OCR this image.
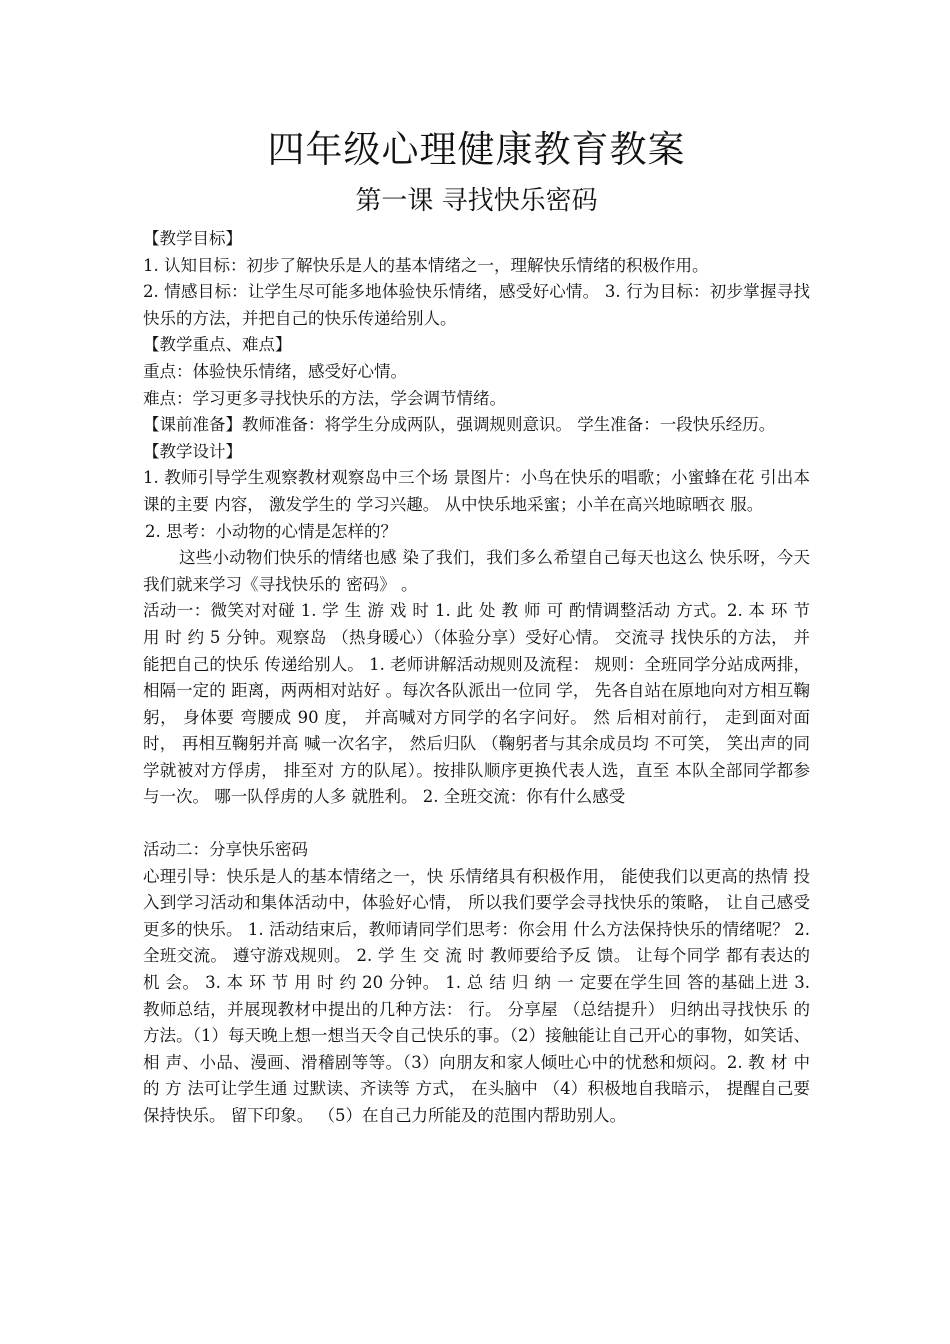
四年级心理健康教育教案
第一课 寻找快乐密码

【教学目标】

1. 认知目标：初步了解快乐是人的基本情绪之一，理解快乐情绪的积极作用。

2. 情感目标：让学生尽可能多地体验快乐情绪，感受好心情。 3. 行为目标：初步掌握寻找快乐的方法，并把自己的快乐传递给别人。

【教学重点、难点】

重点：体验快乐情绪，感受好心情。

难点：学习更多寻找快乐的方法，学会调节情绪。

【课前准备】教师准备：将学生分成两队，强调规则意识。 学生准备：一段快乐经历。

【教学设计】

1. 教师引导学生观察教材观察岛中三个场 景图片：小鸟在快乐的唱歌；小蜜蜂在花 引出本课的主要 内容， 激发学生的 学习兴趣。 从中快乐地采蜜；小羊在高兴地晾晒衣 服。

2. 思考：小动物的心情是怎样的？

这些小动物们快乐的情绪也感 染了我们，我们多么希望自己每天也这么 快乐呀，今天我们就来学习《寻找快乐的 密码》 。

活动一：微笑对对碰 1. 学 生 游 戏 时 1. 此 处 教 师 可 酌情调整活动 方式。2. 本 环 节 用 时 约 5 分钟。观察岛 （热身暖心）（体验分享）受好心情。 交流寻 找快乐的方法， 并 能把自己的快乐 传递给别人。 1. 老师讲解活动规则及流程： 规则：全班同学分站成两排，相隔一定的 距离，两两相对站好 。每次各队派出一位同 学， 先各自站在原地向对方相互鞠躬， 身体要 弯腰成 90 度， 并高喊对方同学的名字问好。 然 后相对前行， 走到面对面时， 再相互鞠躬并高 喊一次名字， 然后归队 （鞠躬者与其余成员均 不可笑， 笑出声的同学就被对方俘虏， 排至对 方的队尾）。按排队顺序更换代表人选，直至 本队全部同学都参与一次。 哪一队俘虏的人多 就胜利。 2. 全班交流：你有什么感受

活动二：分享快乐密码

心理引导：快乐是人的基本情绪之一，快 乐情绪具有积极作用， 能使我们以更高的热情 投入到学习活动和集体活动中，体验好心情， 所以我们要学会寻找快乐的策略， 让自己感受 更多的快乐。 1. 活动结束后，教师请同学们思考：你会用 什么方法保持快乐的情绪呢？ 2. 全班交流。 遵守游戏规则。 2. 学 生 交 流 时 教师要给予反 馈。 让每个同学 都有表达的机 会。 3. 本 环 节 用 时 约 20 分钟。 1. 总 结 归 纳 一 定要在学生回 答的基础上进 3. 教师总结，并展现教材中提出的几种方法： 行。 分享屋 （总结提升） 归纳出寻找快乐 的方法。（1）每天晚上想一想当天令自己快乐的事。（2）接触能让自己开心的事物，如笑话、相 声、小品、漫画、滑稽剧等等。（3）向朋友和家人倾吐心中的忧愁和烦闷。2. 教 材 中 的 方 法可让学生通 过默读、齐读等 方式， 在头脑中 （4）积极地自我暗示， 提醒自己要保持快乐。 留下印象。 （5）在自己力所能及的范围内帮助别人。
